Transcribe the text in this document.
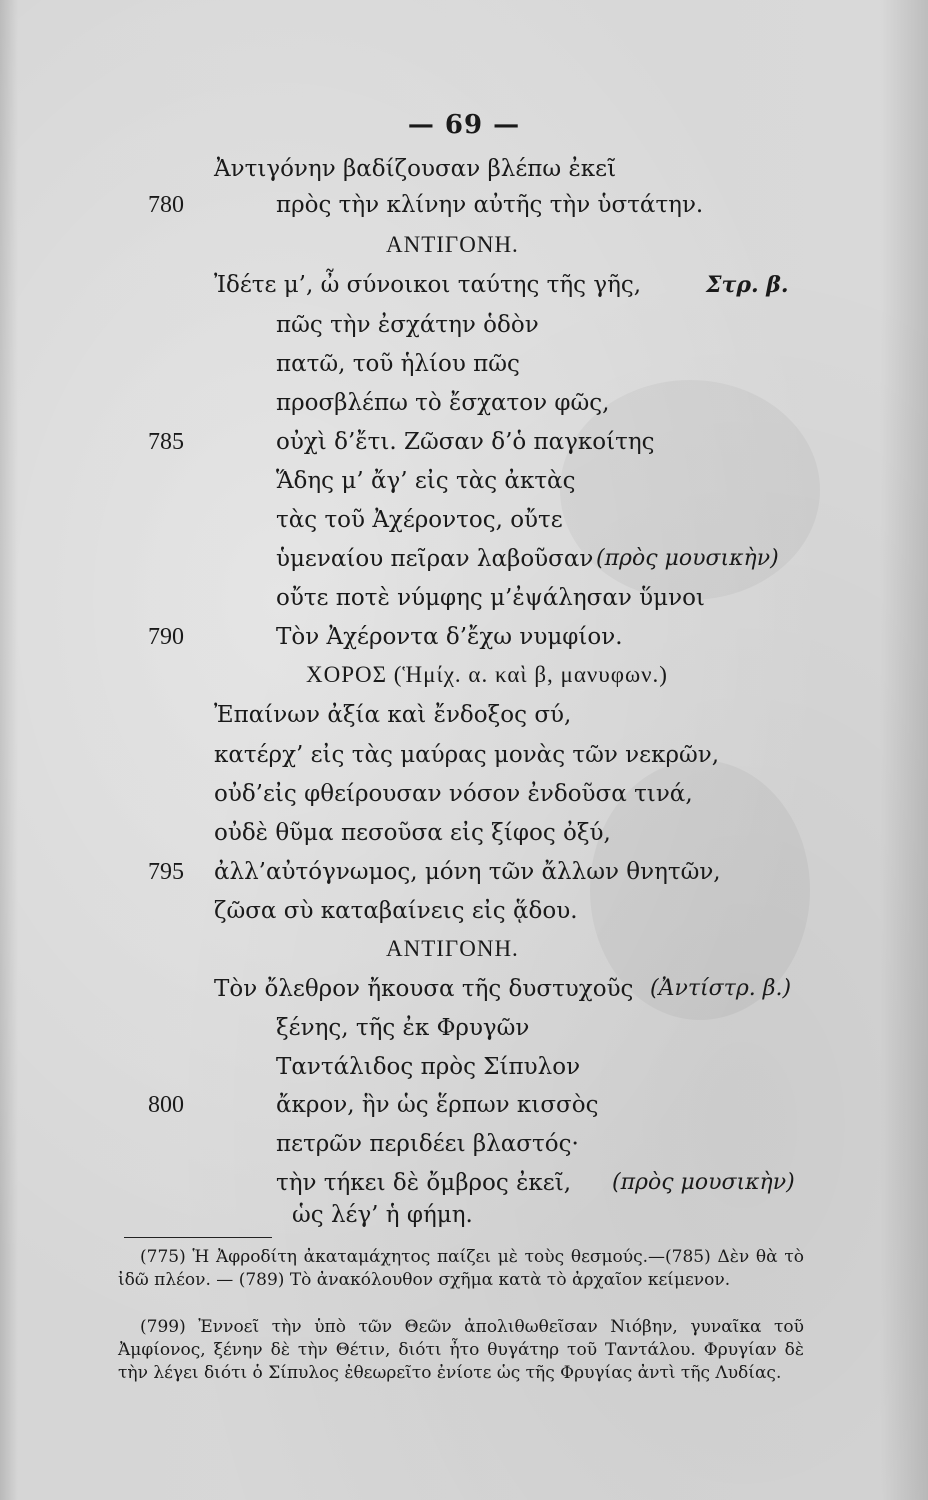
— 69 —
Ἀντιγόνην βαδίζουσαν βλέπω ἐκεῖ
780	πρὸς τὴν κλίνην αὐτῆς τὴν ὑστάτην.
ΑΝΤΙΓΟΝΗ.
Ἰδέτε μ’, ὦ σύνοικοι ταύτης τῆς γῆς,	Στρ. β.
πῶς τὴν ἐσχάτην ὁδὸν
πατῶ, τοῦ ἡλίου πῶς
προσβλέπω τὸ ἔσχατον φῶς,
785	οὐχὶ δ’ἔτι. Ζῶσαν δ’ὁ παγκοίτης
Ἅδης μ’ ἄγ’ εἰς τὰς ἀκτὰς
τὰς τοῦ Ἀχέροντος, οὔτε
ὑμεναίου πεῖραν λαβοῦσαν (πρὸς μουσικὴν)
οὔτε ποτὲ νύμφης μ’ἐψάλησαν ὕμνοι
790	Τὸν Ἀχέροντα δ’ἔχω νυμφίον.
ΧΟΡΟΣ (Ἡμίχ. α. καὶ β, μανυφων.)
Ἐπαίνων ἀξία καὶ ἔνδοξος σύ,
κατέρχ’ εἰς τὰς μαύρας μονὰς τῶν νεκρῶν,
οὐδ’εἰς φθείρουσαν νόσον ἐνδοῦσα τινά,
οὐδὲ θῦμα πεσοῦσα εἰς ξίφος ὀξύ,
795 ἀλλ’αὐτόγνωμος, μόνη τῶν ἄλλων θνητῶν,
ζῶσα σὺ καταβαίνεις εἰς ᾅδου.
ΑΝΤΙΓΟΝΗ.
Τὸν ὄλεθρον ἤκουσα τῆς δυστυχοῦς (Ἀντίστρ. β.)
ξένης, τῆς ἐκ Φρυγῶν
Ταντάλιδος πρὸς Σίπυλον
800	ἄκρον, ἣν ὡς ἕρπων κισσὸς
πετρῶν περιδέει βλαστός·
τὴν τήκει δὲ ὄμβρος ἐκεῖ, (πρὸς μουσικὴν)
(775) Ἡ Ἀφροδίτη ἀκαταμάχητος παίζει μὲ τοὺς θεσμούς.—(785) Δὲν θὰ τὸ ἰδῶ πλέον. — (789) Τὸ ἀνακόλουθον σχῆμα κατὰ τὸ ἀρχαῖον κείμενον.
(799) Ἐννοεῖ τὴν ὑπὸ τῶν Θεῶν ἀπολιθωθεῖσαν Νιόβην, γυναῖκα τοῦ Ἀμφίονος, ξένην δὲ τὴν Θέτιν, διότι ἦτο θυγάτηρ τοῦ Ταντάλου. Φρυγίαν δὲ τὴν λέγει διότι ὁ Σίπυλος ἐθεωρεῖτο ἐνίοτε ὡς τῆς Φρυγίας ἀντὶ τῆς Λυδίας.
ὡς λέγ’ ἡ φήμη.
